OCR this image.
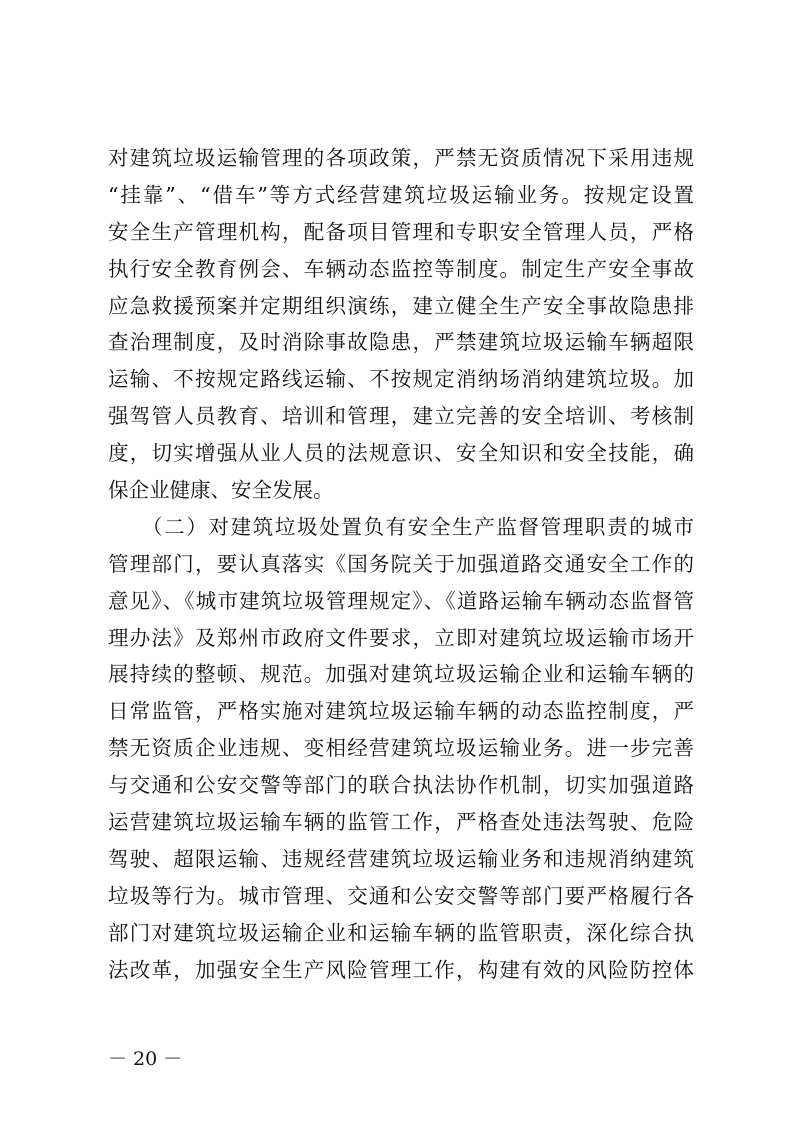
对建筑垃圾运输管理的各项政策，严禁无资质情况下采用违规
“挂靠”、“借车”等方式经营建筑垃圾运输业务。按规定设置
安全生产管理机构，配备项目管理和专职安全管理人员，严格
执行安全教育例会、车辆动态监控等制度。制定生产安全事故
应急救援预案并定期组织演练，建立健全生产安全事故隐患排
查治理制度，及时消除事故隐患，严禁建筑垃圾运输车辆超限
运输、不按规定路线运输、不按规定消纳场消纳建筑垃圾。加
强驾管人员教育、培训和管理，建立完善的安全培训、考核制
度，切实增强从业人员的法规意识、安全知识和安全技能，确
保企业健康、安全发展。
　　（二）对建筑垃圾处置负有安全生产监督管理职责的城市
管理部门，要认真落实《国务院关于加强道路交通安全工作的
意见》、《城市建筑垃圾管理规定》、《道路运输车辆动态监督管
理办法》及郑州市政府文件要求，立即对建筑垃圾运输市场开
展持续的整顿、规范。加强对建筑垃圾运输企业和运输车辆的
日常监管，严格实施对建筑垃圾运输车辆的动态监控制度，严
禁无资质企业违规、变相经营建筑垃圾运输业务。进一步完善
与交通和公安交警等部门的联合执法协作机制，切实加强道路
运营建筑垃圾运输车辆的监管工作，严格查处违法驾驶、危险
驾驶、超限运输、违规经营建筑垃圾运输业务和违规消纳建筑
垃圾等行为。城市管理、交通和公安交警等部门要严格履行各
部门对建筑垃圾运输企业和运输车辆的监管职责，深化综合执
法改革，加强安全生产风险管理工作，构建有效的风险防控体
－ 20 －
